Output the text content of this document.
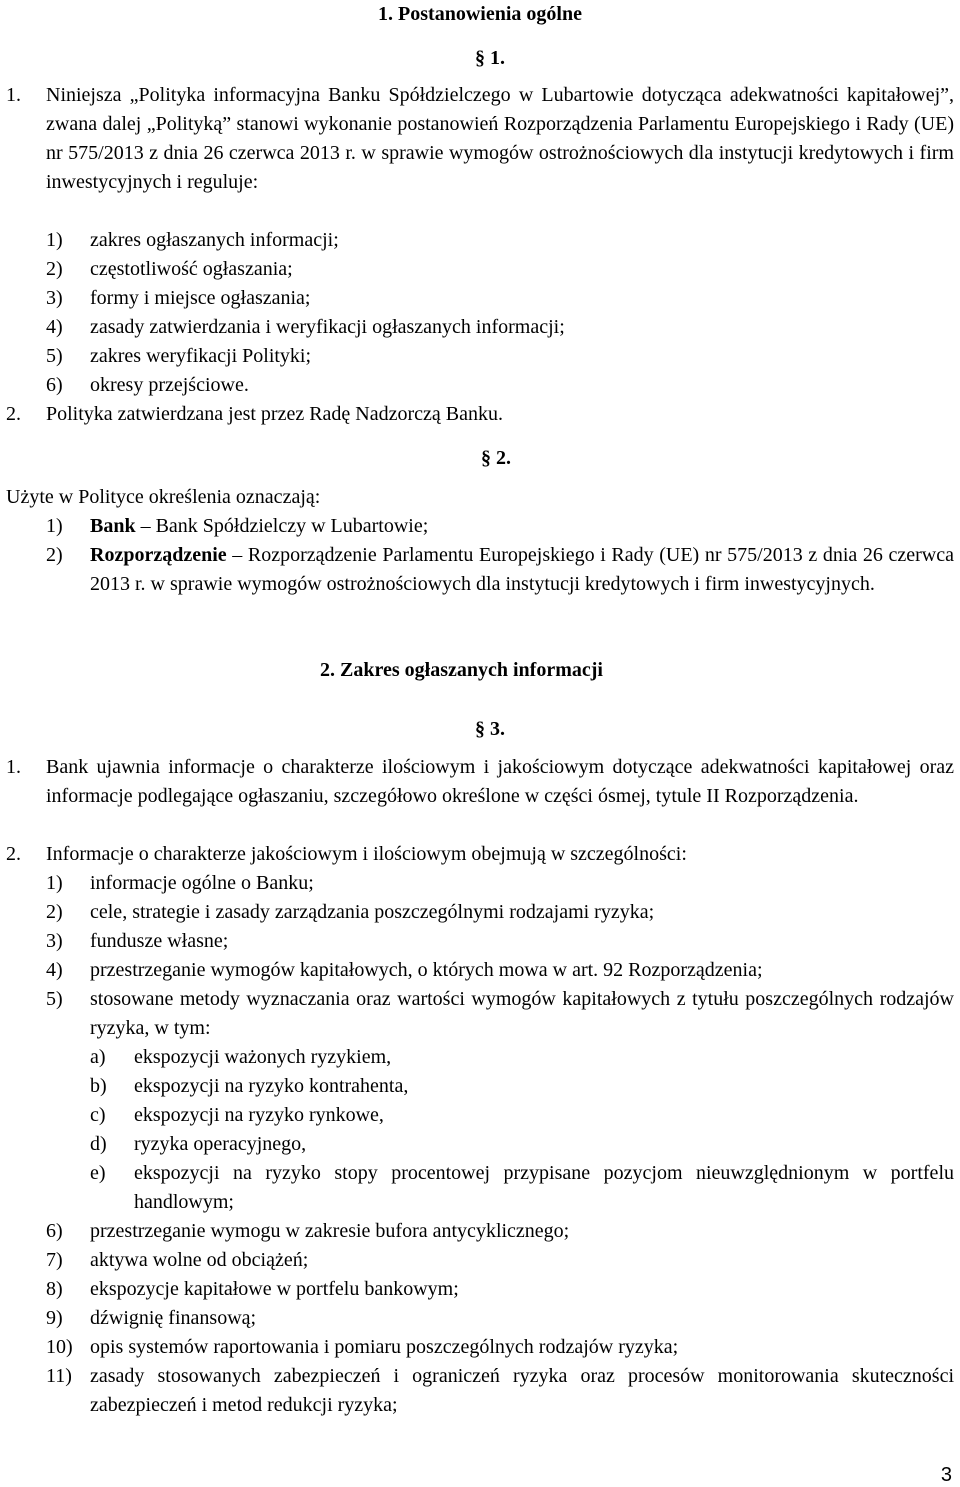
1. Postanowienia ogólne
§ 1.
1.	Niniejsza „Polityka informacyjna Banku Spółdzielczego w Lubartowie dotycząca adekwatności kapitałowej”, zwana dalej „Polityką” stanowi wykonanie postanowień Rozporządzenia Parlamentu Europejskiego i Rady (UE) nr 575/2013 z dnia 26 czerwca 2013 r. w sprawie wymogów ostrożnościowych dla instytucji kredytowych i firm inwestycyjnych i reguluje:
1) zakres ogłaszanych informacji;
2) częstotliwość ogłaszania;
3) formy i miejsce ogłaszania;
4) zasady zatwierdzania i weryfikacji ogłaszanych informacji;
5) zakres weryfikacji Polityki;
6) okresy przejściowe.
2.	Polityka zatwierdzana jest przez Radę Nadzorczą Banku.
§ 2.
Użyte w Polityce określenia oznaczają:
1) Bank – Bank Spółdzielczy w Lubartowie;
2) Rozporządzenie – Rozporządzenie Parlamentu Europejskiego i Rady (UE) nr 575/2013 z dnia 26 czerwca 2013 r. w sprawie wymogów ostrożnościowych dla instytucji kredytowych i firm inwestycyjnych.
2. Zakres ogłaszanych informacji
§ 3.
1.	Bank ujawnia informacje o charakterze ilościowym i jakościowym dotyczące adekwatności kapitałowej oraz informacje podlegające ogłaszaniu, szczegółowo określone w części ósmej, tytule II Rozporządzenia.
2.	Informacje o charakterze jakościowym i ilościowym obejmują w szczególności:
1) informacje ogólne o Banku;
2) cele, strategie i zasady zarządzania poszczególnymi rodzajami ryzyka;
3) fundusze własne;
4) przestrzeganie wymogów kapitałowych, o których mowa w art. 92 Rozporządzenia;
5) stosowane metody wyznaczania oraz wartości wymogów kapitałowych z tytułu poszczególnych rodzajów ryzyka, w tym:
a) ekspozycji ważonych ryzykiem,
b) ekspozycji na ryzyko kontrahenta,
c) ekspozycji na ryzyko rynkowe,
d) ryzyka operacyjnego,
e) ekspozycji na ryzyko stopy procentowej przypisane pozycjom nieuwzględnionym w portfelu handlowym;
6) przestrzeganie wymogu w zakresie bufora antycyklicznego;
7) aktywa wolne od obciążeń;
8) ekspozycje kapitałowe w portfelu bankowym;
9) dźwignię finansową;
10) opis systemów raportowania i pomiaru poszczególnych rodzajów ryzyka;
11) zasady stosowanych zabezpieczeń i ograniczeń ryzyka oraz procesów monitorowania skuteczności zabezpieczeń i metod redukcji ryzyka;
3
